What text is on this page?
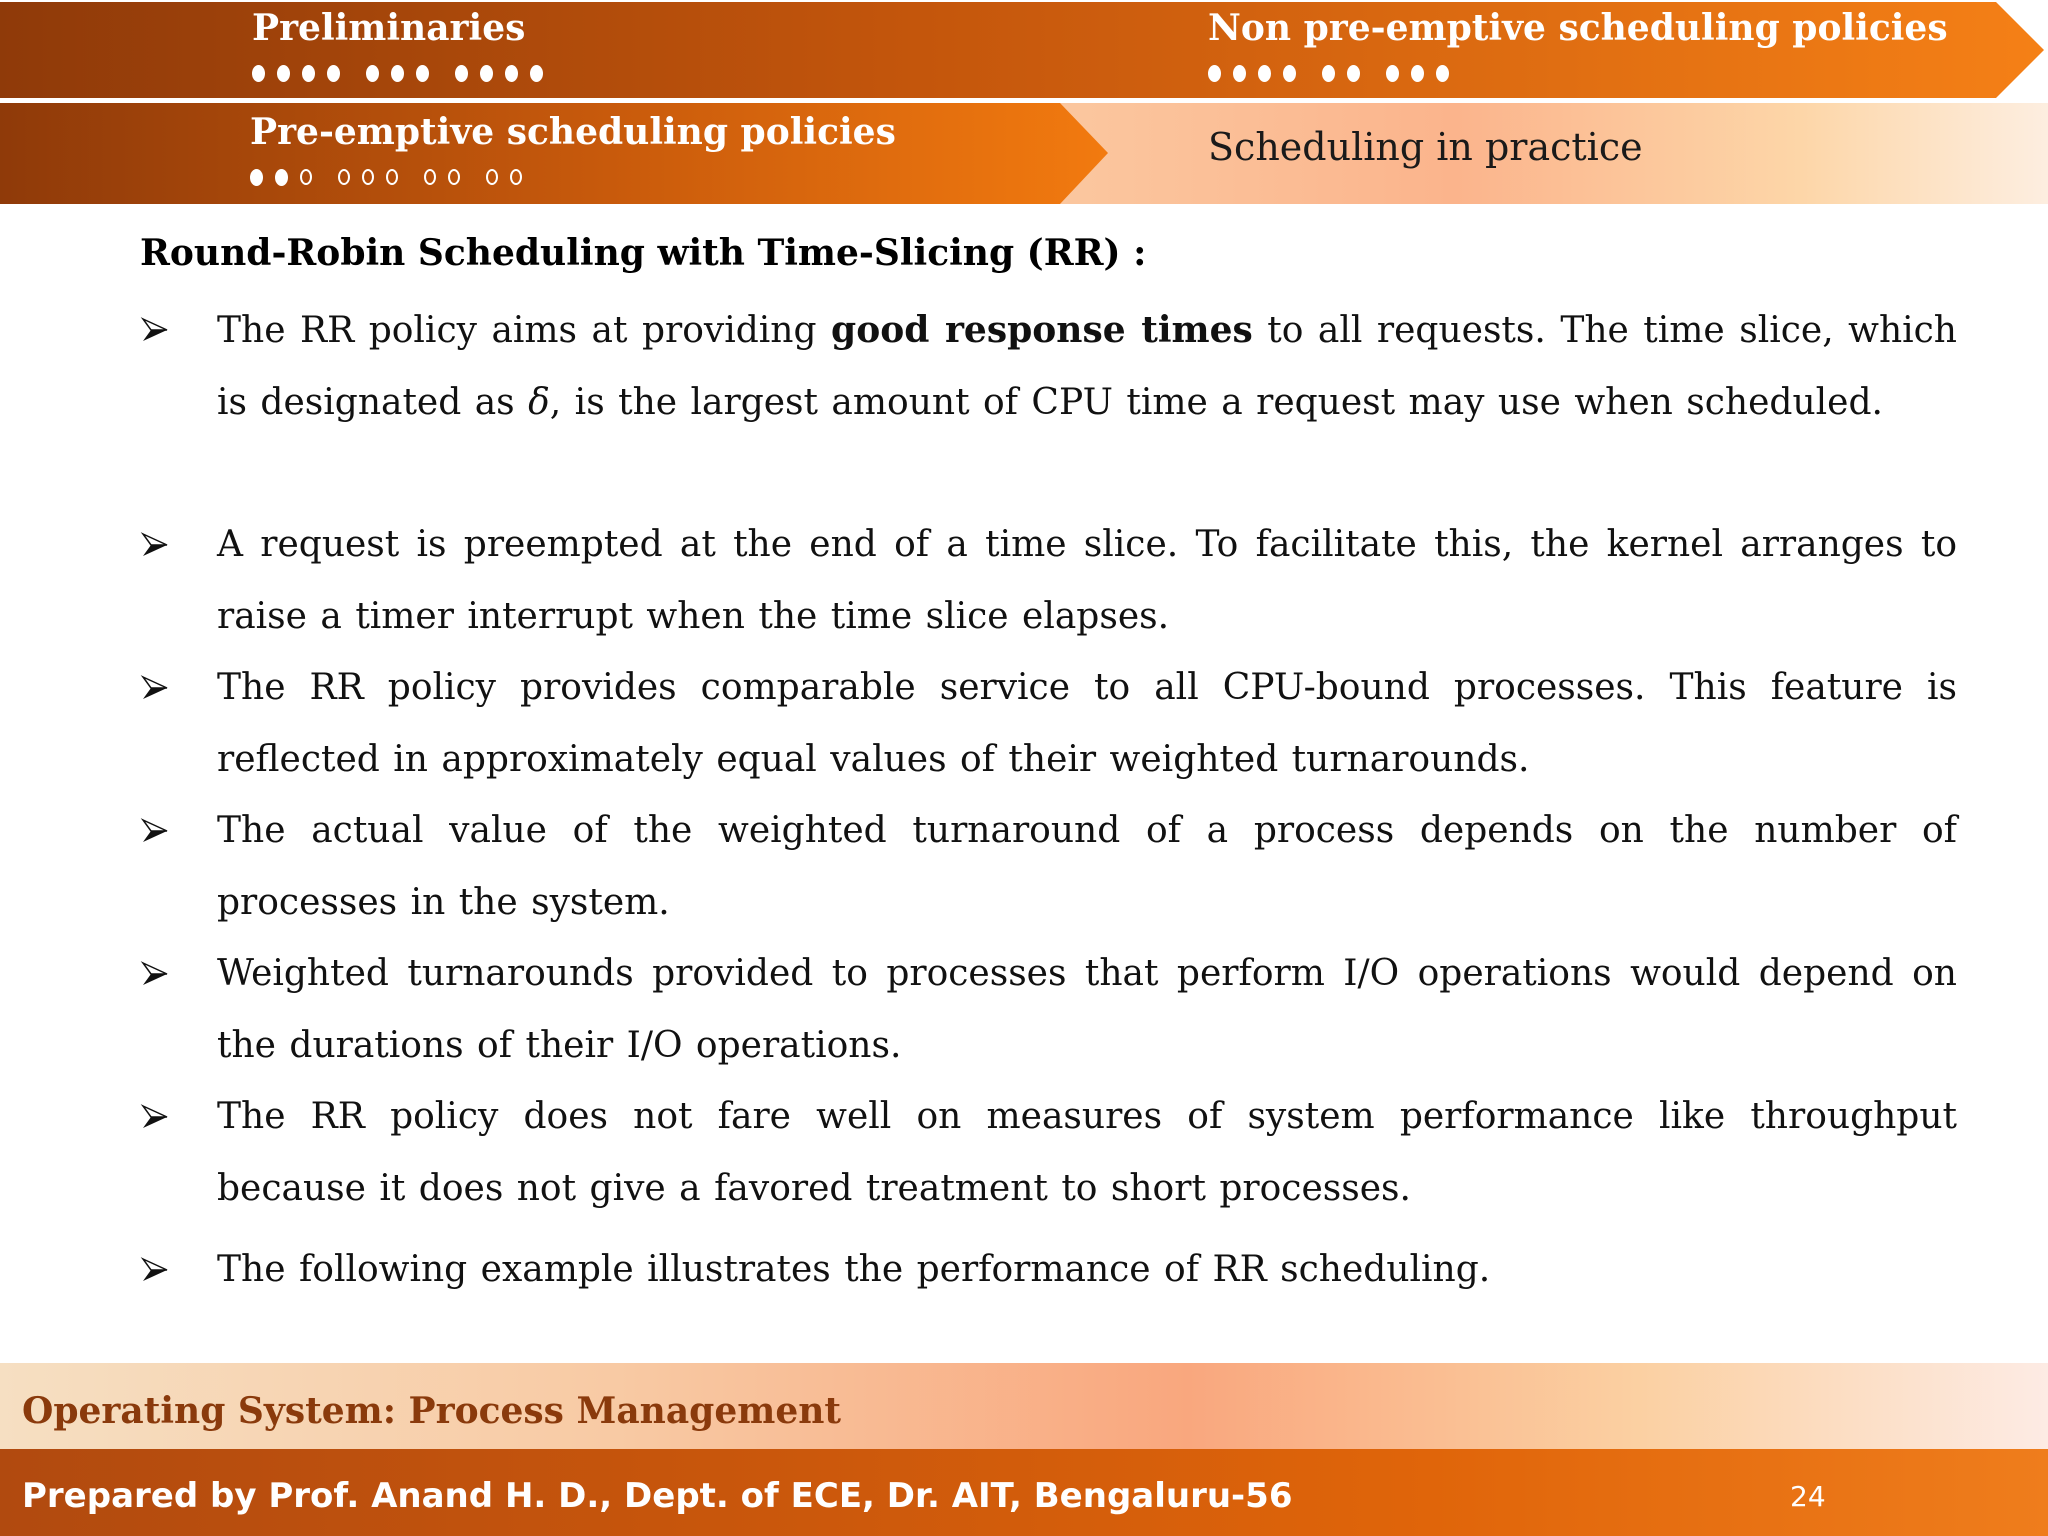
Preliminaries	Non pre-emptive scheduling policies
Pre-emptive scheduling policies	Scheduling in practice
Round-Robin Scheduling with Time-Slicing (RR) :
The RR policy aims at providing good response times to all requests. The time slice, which is designated as δ, is the largest amount of CPU time a request may use when scheduled.
A request is preempted at the end of a time slice. To facilitate this, the kernel arranges to raise a timer interrupt when the time slice elapses.
The RR policy provides comparable service to all CPU-bound processes. This feature is reflected in approximately equal values of their weighted turnarounds.
The actual value of the weighted turnaround of a process depends on the number of processes in the system.
Weighted turnarounds provided to processes that perform I/O operations would depend on the durations of their I/O operations.
The RR policy does not fare well on measures of system performance like throughput because it does not give a favored treatment to short processes.
The following example illustrates the performance of RR scheduling.
Operating System: Process Management
Prepared by Prof. Anand H. D., Dept. of ECE, Dr. AIT, Bengaluru-56	24
